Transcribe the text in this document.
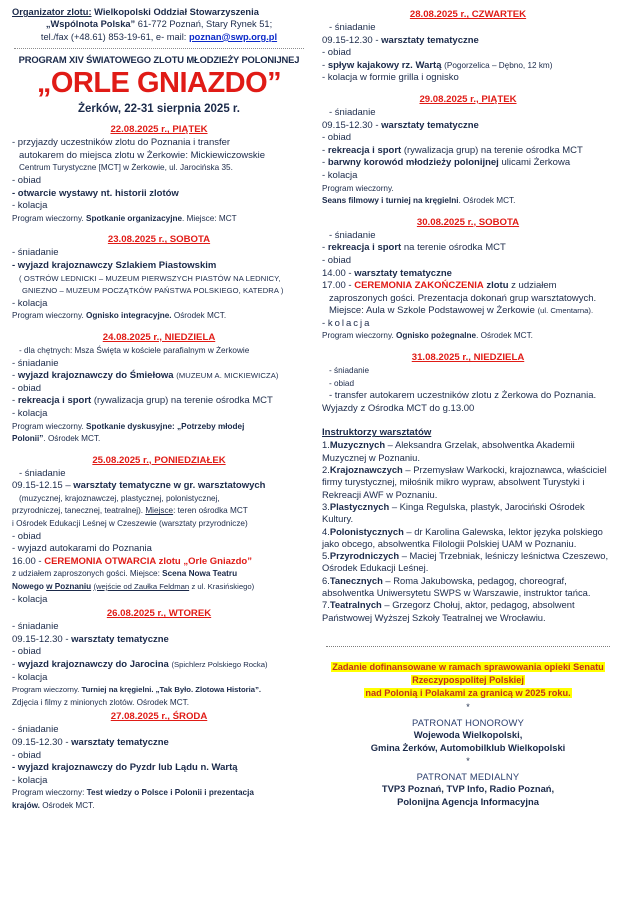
Organizator zlotu: Wielkopolski Oddział Stowarzyszenia
„Wspólnota Polska” 61-772 Poznań, Stary Rynek 51;
tel./fax (+48.61) 853-19-61, e- mail: poznan@swp.org.pl
PROGRAM XIV ŚWIATOWEGO ZLOTU MŁODZIEŻY POLONIJNEJ
„ORLE GNIAZDO”
Żerków, 22-31 sierpnia 2025 r.
22.08.2025 r., PIĄTEK
- przyjazdy uczestników zlotu do Poznania i transfer
autokarem do miejsca zlotu w Żerkowie: Mickiewiczowskie
Centrum Turystyczne [MCT] w Żerkowie, ul. Jarocińska 35.
- obiad
- otwarcie wystawy nt. historii zlotów
- kolacja
Program wieczorny. Spotkanie organizacyjne. Miejsce: MCT
23.08.2025 r., SOBOTA
- śniadanie
- wyjazd krajoznawczy Szlakiem Piastowskim
( OSTRÓW LEDNICKI – MUZEUM PIERWSZYCH PIASTÓW NA LEDNICY,
GNIEZNO – MUZEUM POCZĄTKÓW PAŃSTWA POLSKIEGO, KATEDRA )
- kolacja
Program wieczorny. Ognisko integracyjne. Ośrodek MCT.
24.08.2025 r., NIEDZIELA
- dla chętnych: Msza Święta w kościele parafialnym w Żerkowie
- śniadanie
- wyjazd krajoznawczy do Śmiełowa (MUZEUM A. MICKIEWICZA)
- obiad
- rekreacja i sport (rywalizacja grup) na terenie ośrodka MCT
- kolacja
Program wieczorny. Spotkanie dyskusyjne: „Potrzeby młodej
Polonii”. Ośrodek MCT.
25.08.2025 r., PONIEDZIAŁEK
- śniadanie
09.15-12.15 – warsztaty tematyczne w gr. warsztatowych
(muzycznej, krajoznawczej, plastycznej, polonistycznej,
przyrodniczej, tanecznej, teatralnej). Miejsce: teren ośrodka MCT
i Ośrodek Edukacji Leśnej w Czeszewie (warsztaty przyrodnicze)
- obiad
- wyjazd autokarami do Poznania
16.00 - CEREMONIA OTWARCIA zlotu „Orle Gniazdo”
z udziałem zaproszonych gości. Miejsce: Scena Nowa Teatru
Nowego w Poznaniu (wejście od Zaułka Feldman z ul. Krasińskiego)
- kolacja
26.08.2025 r., WTOREK
- śniadanie
09.15-12.30 - warsztaty tematyczne
- obiad
- wyjazd krajoznawczy do Jarocina (Spichlerz Polskiego Rocka)
- kolacja
Program wieczorny. Turniej na kręgielni. „Tak Było. Zlotowa Historia”.
Zdjęcia i filmy z minionych zlotów. Ośrodek MCT.
27.08.2025 r., ŚRODA
- śniadanie
09.15-12.30 - warsztaty tematyczne
- obiad
- wyjazd krajoznawczy do Pyzdr lub Lądu n. Wartą
- kolacja
Program wieczorny: Test wiedzy o Polsce i Polonii i prezentacja
krajów. Ośrodek MCT.
28.08.2025 r., CZWARTEK
- śniadanie
09.15-12.30 - warsztaty tematyczne
- obiad
- spływ kajakowy rz. Wartą (Pogorzelica – Dębno, 12 km)
- kolacja w formie grilla i ognisko
29.08.2025 r., PIĄTEK
- śniadanie
09.15-12.30 - warsztaty tematyczne
- obiad
- rekreacja i sport (rywalizacja grup) na terenie ośrodka MCT
- barwny korowód młodzieży polonijnej ulicami Żerkowa
- kolacja
Program wieczorny.
Seans filmowy i turniej na kręgielni. Ośrodek MCT.
30.08.2025 r., SOBOTA
- śniadanie
- rekreacja i sport na terenie ośrodka MCT
- obiad
14.00 - warsztaty tematyczne
17.00 - CEREMONIA ZAKOŃCZENIA zlotu z udziałem
zaproszonych gości. Prezentacja dokonań grup warsztatowych.
Miejsce: Aula w Szkole Podstawowej w Żerkowie (ul. Cmentarna).
- kolacja
Program wieczorny. Ognisko pożegnalne. Ośrodek MCT.
31.08.2025 r., NIEDZIELA
- śniadanie
- obiad
- transfer autokarem uczestników zlotu z Żerkowa do Poznania.
Wyjazdy z Ośrodka MCT do g.13.00
Instruktorzy warsztatów
1.Muzycznych – Aleksandra Grzelak, absolwentka Akademii Muzycznej w Poznaniu.
2.Krajoznawczych – Przemysław Warkocki, krajoznawca, właściciel firmy turystycznej, miłośnik mikro wypraw, absolwent Turystyki i Rekreacji AWF w Poznaniu.
3.Plastycznych – Kinga Regulska, plastyk, Jarociński Ośrodek Kultury.
4.Polonistycznych – dr Karolina Galewska, lektor języka polskiego jako obcego, absolwentka Filologii Polskiej UAM w Poznaniu.
5.Przyrodniczych – Maciej Trzebniak, leśniczy leśnictwa Czeszewo, Ośrodek Edukacji Leśnej.
6.Tanecznych – Roma Jakubowska, pedagog, choreograf, absolwentka Uniwersytetu SWPS w Warszawie, instruktor tańca.
7.Teatralnych – Grzegorz Chołuj, aktor, pedagog, absolwent Państwowej Wyższej Szkoły Teatralnej we Wrocławiu.
Zadanie dofinansowane w ramach sprawowania opieki Senatu
Rzeczypospolitej Polskiej
nad Polonią i Polakami za granicą w 2025 roku.
*
PATRONAT HONOROWY
Wojewoda Wielkopolski,
Gmina Żerków, Automobilklub Wielkopolski
*
PATRONAT MEDIALNY
TVP3 Poznań, TVP Info, Radio Poznań,
Polonijna Agencja Informacyjna
